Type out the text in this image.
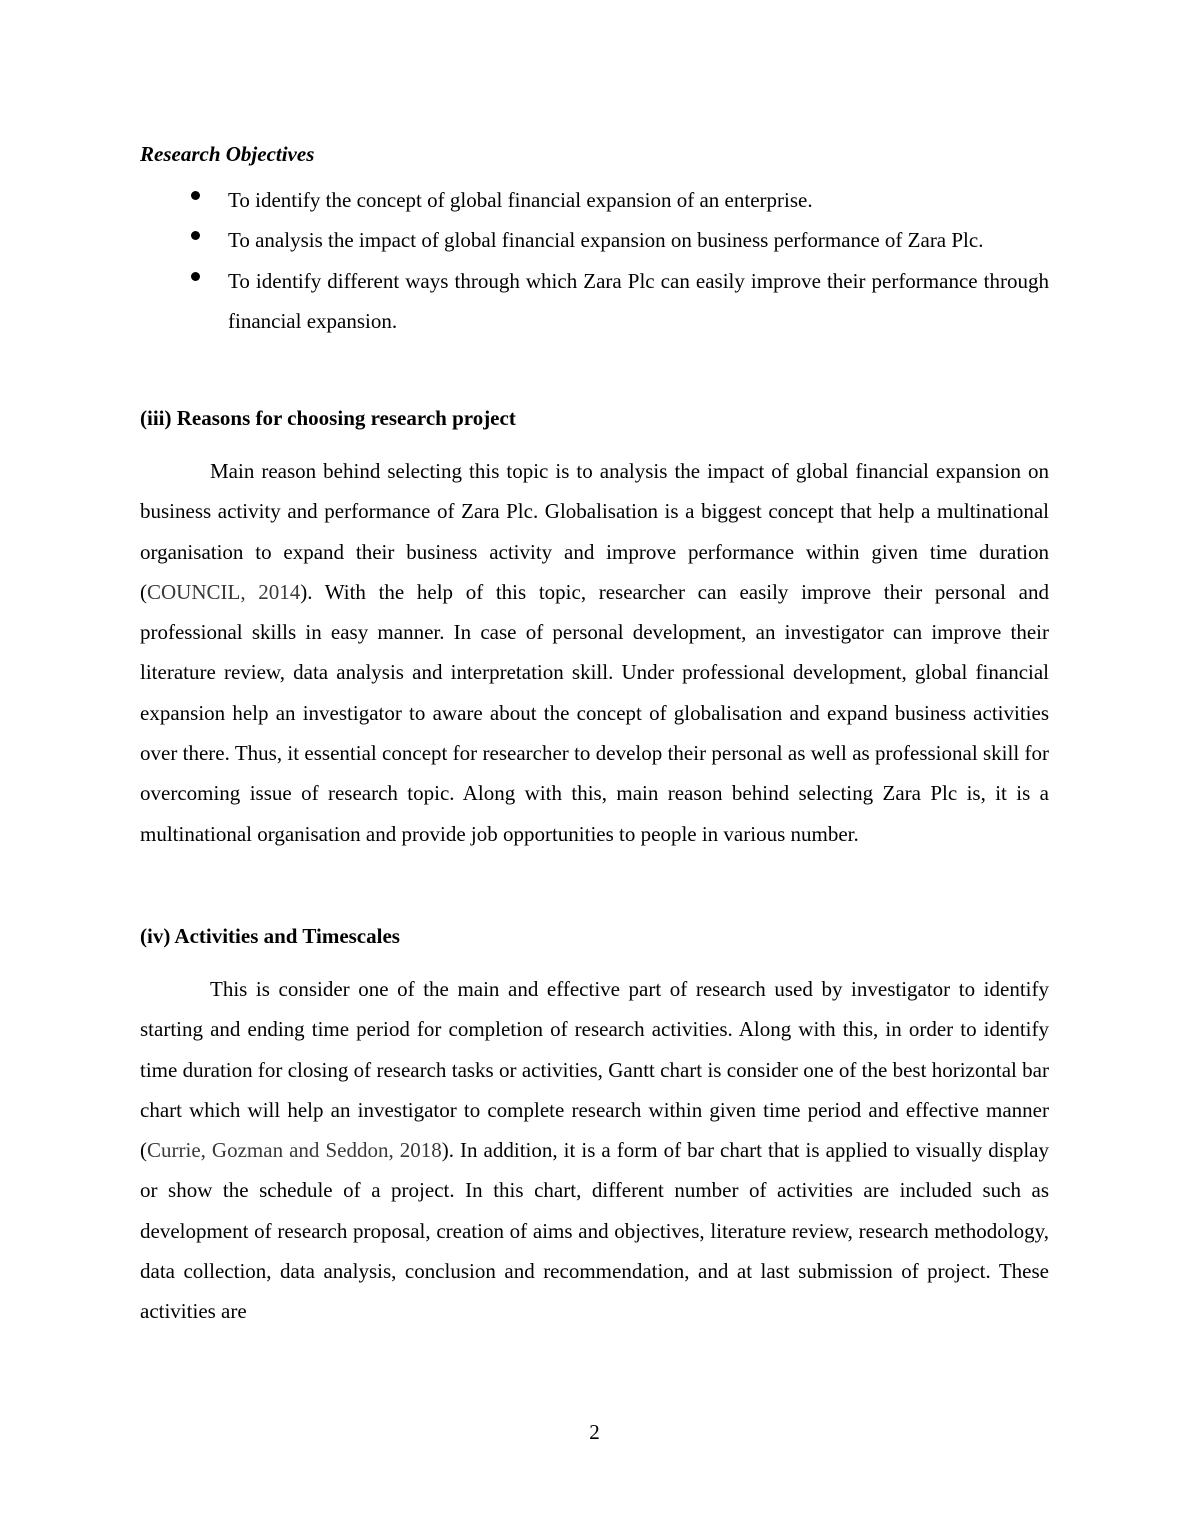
Research Objectives

To identify the concept of global financial expansion of an enterprise.
To analysis the impact of global financial expansion on business performance of Zara Plc.
To identify different ways through which Zara Plc can easily improve their performance through financial expansion.

(iii) Reasons for choosing research project

Main reason behind selecting this topic is to analysis the impact of global financial expansion on business activity and performance of Zara Plc. Globalisation is a biggest concept that help a multinational organisation to expand their business activity and improve performance within given time duration (COUNCIL, 2014). With the help of this topic, researcher can easily improve their personal and professional skills in easy manner. In case of personal development, an investigator can improve their literature review, data analysis and interpretation skill. Under professional development, global financial expansion help an investigator to aware about the concept of globalisation and expand business activities over there. Thus, it essential concept for researcher to develop their personal as well as professional skill for overcoming issue of research topic. Along with this, main reason behind selecting Zara Plc is, it is a multinational organisation and provide job opportunities to people in various number.

(iv) Activities and Timescales

This is consider one of the main and effective part of research used by investigator to identify starting and ending time period for completion of research activities. Along with this, in order to identify time duration for closing of research tasks or activities, Gantt chart is consider one of the best horizontal bar chart which will help an investigator to complete research within given time period and effective manner (Currie, Gozman and Seddon, 2018). In addition, it is a form of bar chart that is applied to visually display or show the schedule of a project. In this chart, different number of activities are included such as development of research proposal, creation of aims and objectives, literature review, research methodology, data collection, data analysis, conclusion and recommendation, and at last submission of project. These activities are

2
